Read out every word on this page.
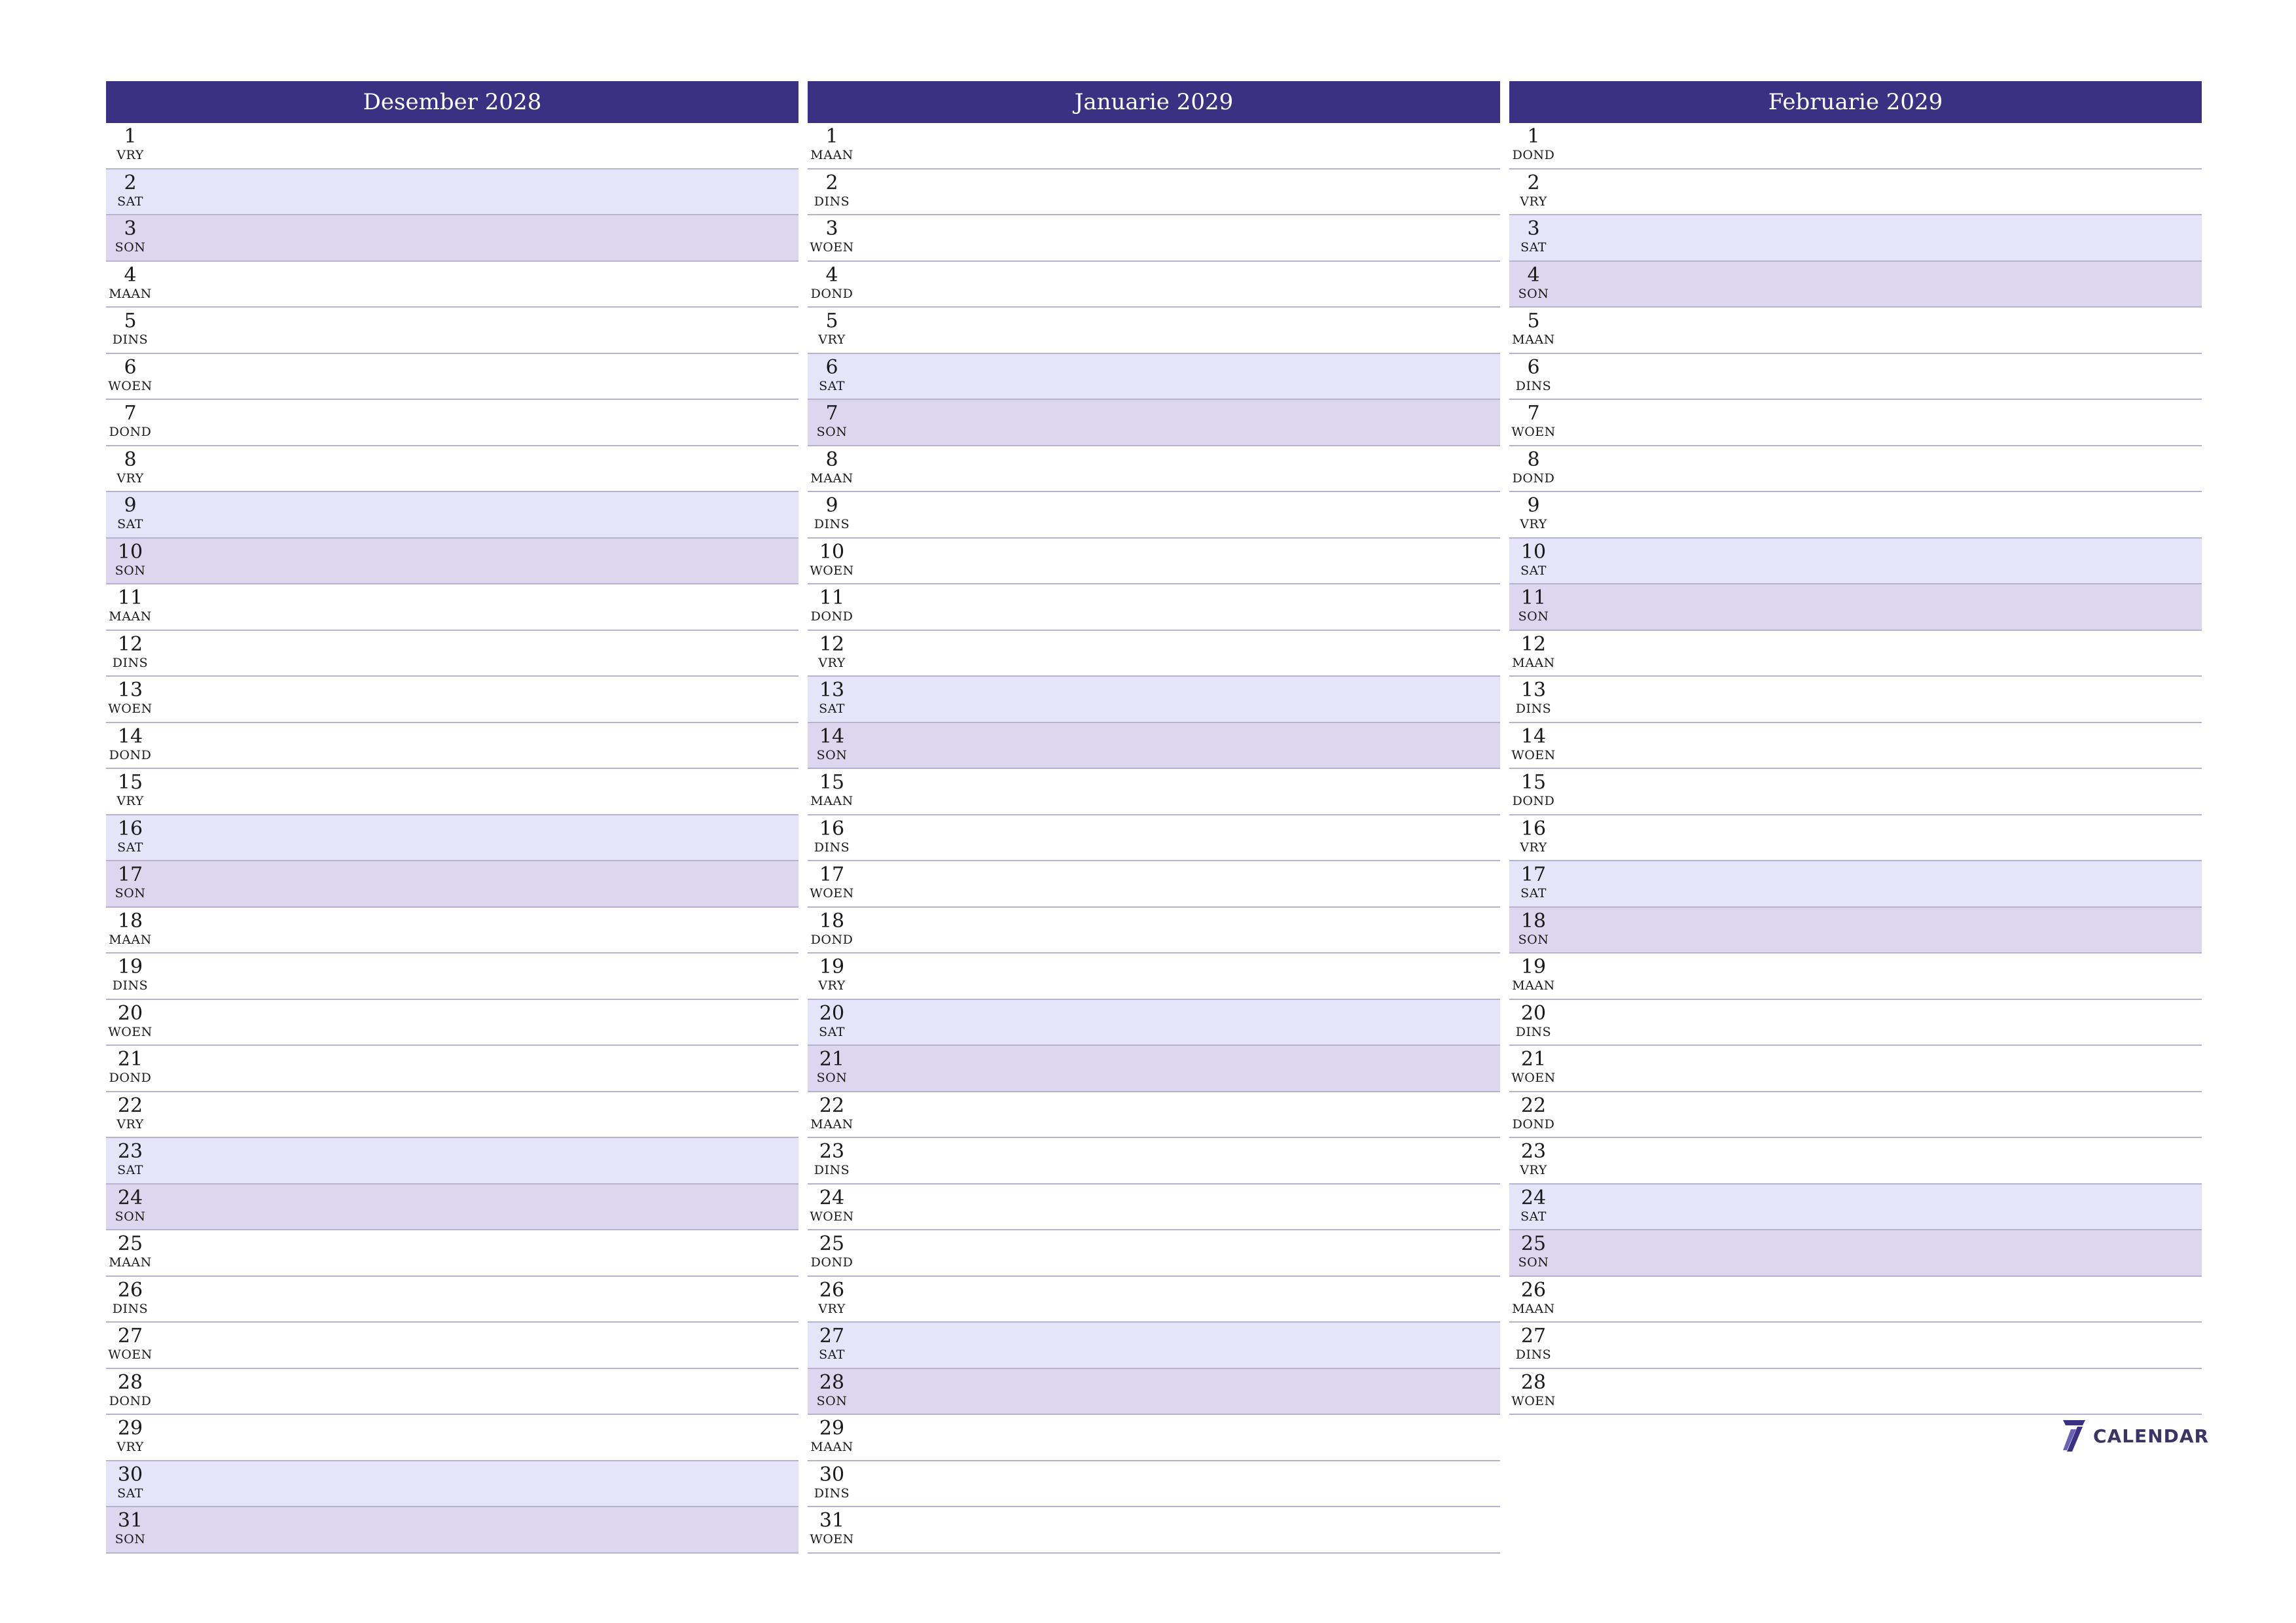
Desember 2028
1
VRY
2
SAT
3
SON
4
MAAN
5
DINS
6
WOEN
7
DOND
8
VRY
9
SAT
10
SON
11
MAAN
12
DINS
13
WOEN
14
DOND
15
VRY
16
SAT
17
SON
18
MAAN
19
DINS
20
WOEN
21
DOND
22
VRY
23
SAT
24
SON
25
MAAN
26
DINS
27
WOEN
28
DOND
29
VRY
30
SAT
31
SON
Januarie 2029
1
MAAN
2
DINS
3
WOEN
4
DOND
5
VRY
6
SAT
7
SON
8
MAAN
9
DINS
10
WOEN
11
DOND
12
VRY
13
SAT
14
SON
15
MAAN
16
DINS
17
WOEN
18
DOND
19
VRY
20
SAT
21
SON
22
MAAN
23
DINS
24
WOEN
25
DOND
26
VRY
27
SAT
28
SON
29
MAAN
30
DINS
31
WOEN
Februarie 2029
1
DOND
2
VRY
3
SAT
4
SON
5
MAAN
6
DINS
7
WOEN
8
DOND
9
VRY
10
SAT
11
SON
12
MAAN
13
DINS
14
WOEN
15
DOND
16
VRY
17
SAT
18
SON
19
MAAN
20
DINS
21
WOEN
22
DOND
23
VRY
24
SAT
25
SON
26
MAAN
27
DINS
28
WOEN
CALENDAR
